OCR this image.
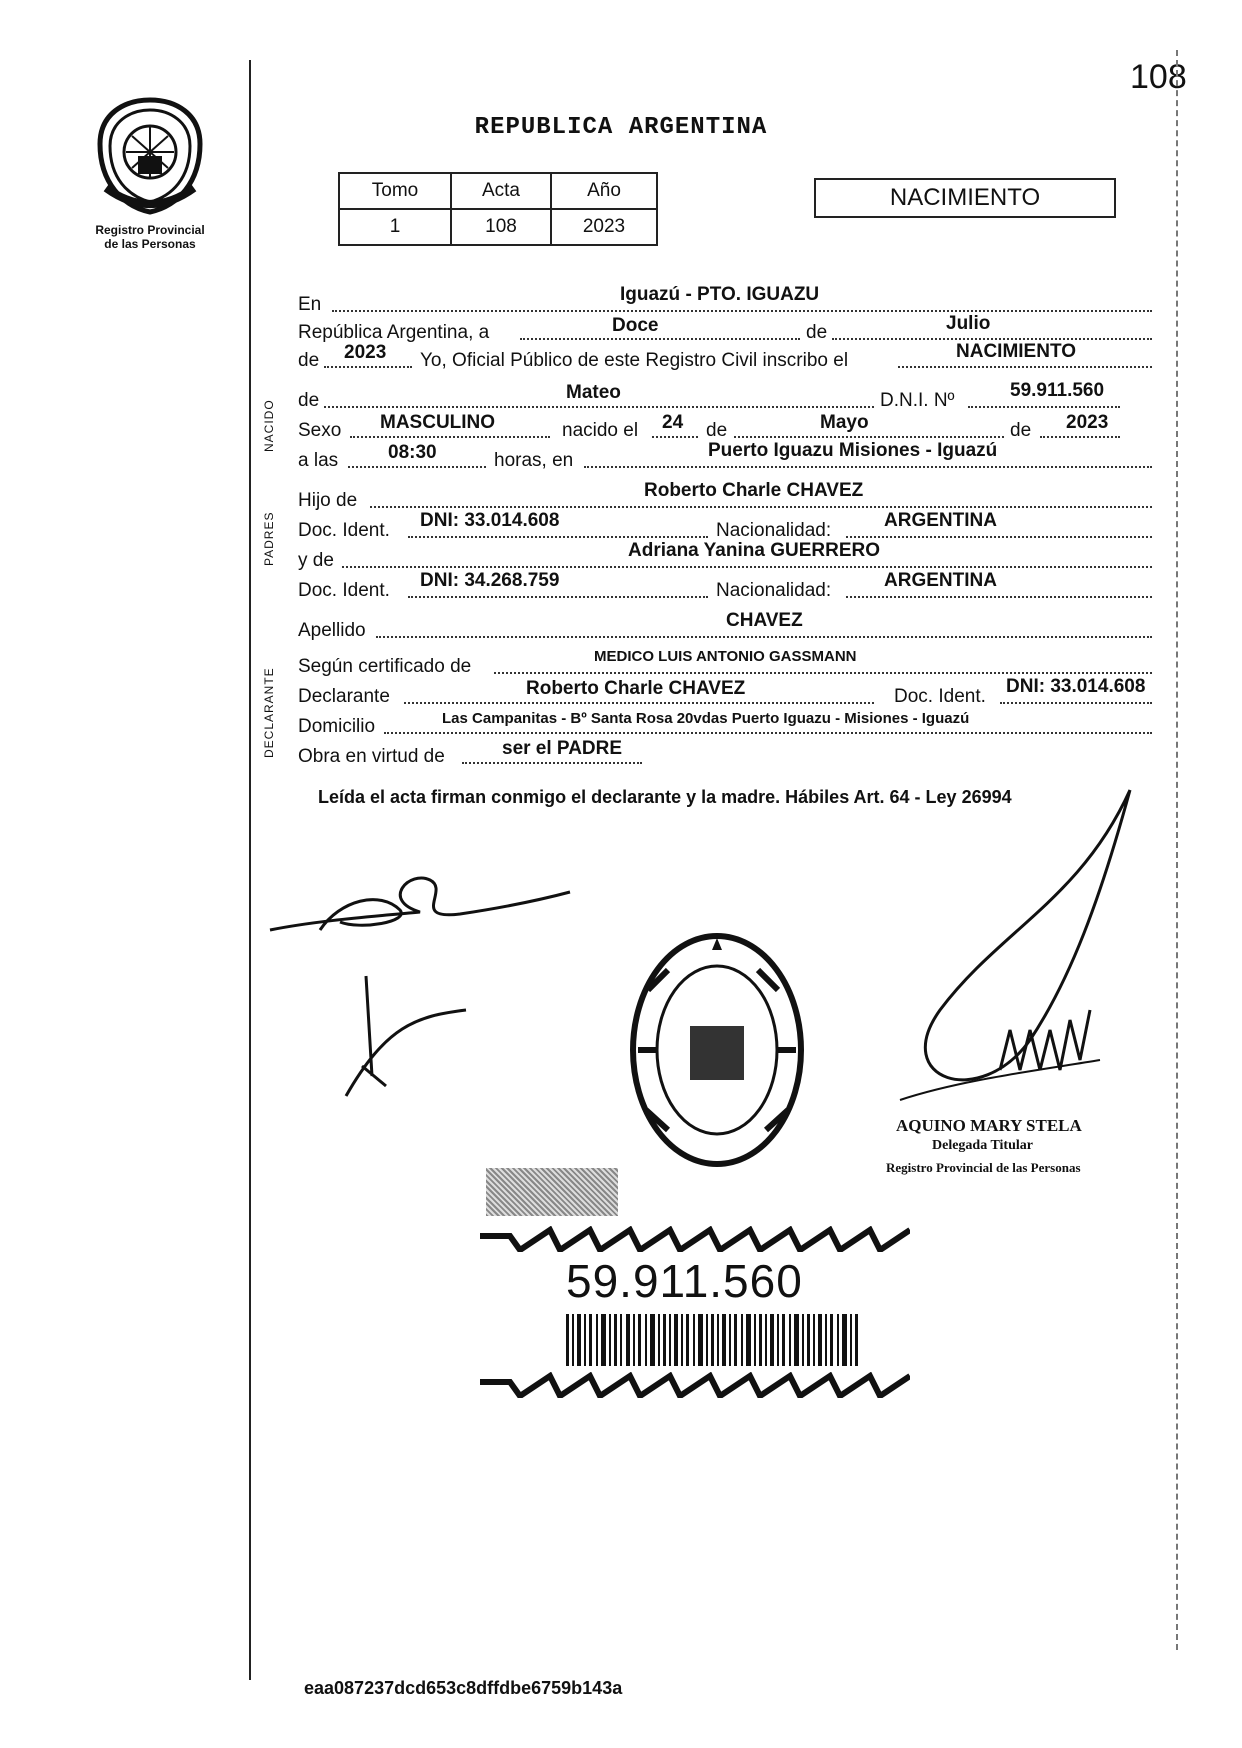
108
Registro Provincial
de las Personas
REPUBLICA ARGENTINA
Tomo	Acta	Año
1	108	2023
NACIMIENTO
NACIDO
PADRES
DECLARANTE
En	Iguazú - PTO. IGUAZU
República Argentina, a	Doce	de	Julio
de 2023 Yo, Oficial Público de este Registro Civil inscribo el	NACIMIENTO
de	Mateo	D.N.I. Nº	59.911.560
Sexo MASCULINO	nacido el 24 de	Mayo	de 2023
a las	08:30	horas, en	Puerto Iguazu Misiones - Iguazú
Hijo de	Roberto Charle CHAVEZ
Doc. Ident. DNI: 33.014.608	Nacionalidad:	ARGENTINA
y de	Adriana Yanina GUERRERO
Doc. Ident. DNI: 34.268.759	Nacionalidad:	ARGENTINA
Apellido	CHAVEZ
Según certificado de	MEDICO LUIS ANTONIO GASSMANN
Declarante	Roberto Charle CHAVEZ	Doc. Ident. DNI: 33.014.608
Domicilio	Las Campanitas - Bº Santa Rosa 20vdas Puerto Iguazu - Misiones - Iguazú
Obra en virtud de	ser el PADRE
Leída el acta firman conmigo el declarante y la madre. Hábiles Art. 64 - Ley 26994
AQUINO MARY STELA
Delegada Titular
Registro Provincial de las Personas
59.911.560
eaa087237dcd653c8dffdbe6759b143a
